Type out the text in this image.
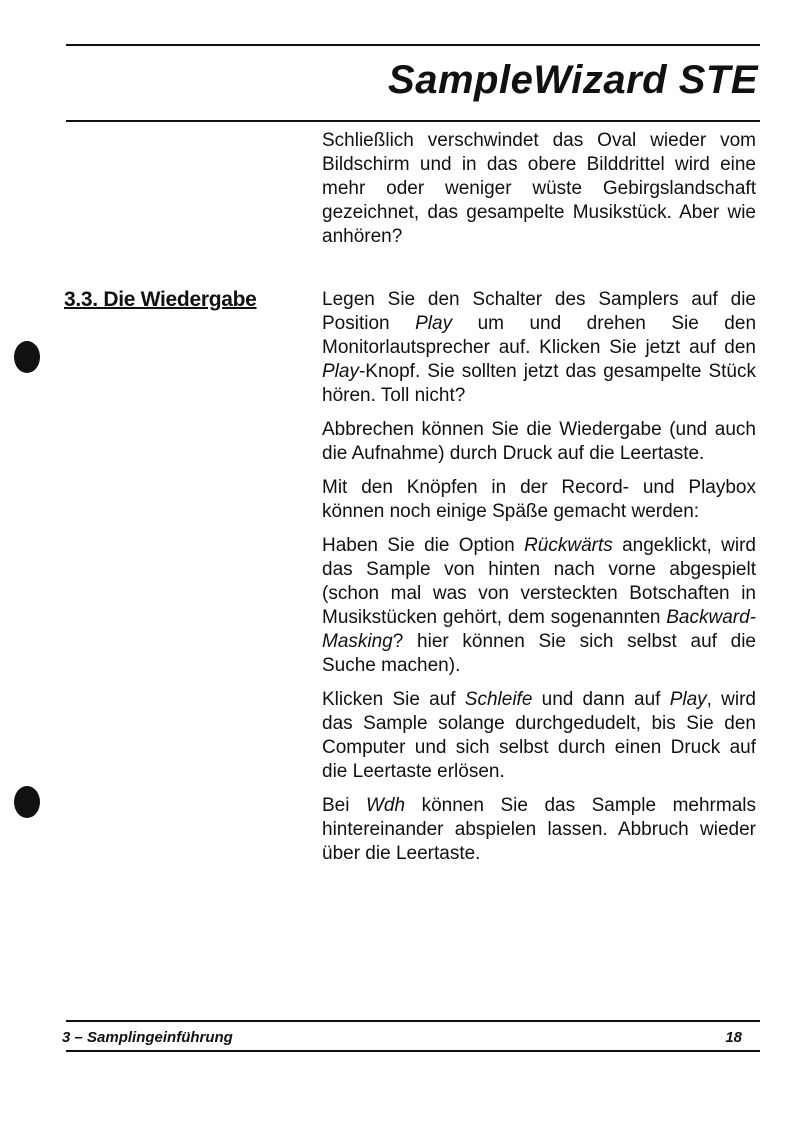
SampleWizard STE

Schließlich verschwindet das Oval wieder vom Bildschirm und in das obere Bilddrittel wird eine mehr oder weniger wüste Gebirgslandschaft gezeichnet, das gesampelte Musikstück. Aber wie anhören?

3.3. Die Wiedergabe	Legen Sie den Schalter des Samplers auf die Position Play um und drehen Sie den Monitorlautsprecher auf. Klicken Sie jetzt auf den Play-Knopf. Sie sollten jetzt das gesampelte Stück hören. Toll nicht?

Abbrechen können Sie die Wiedergabe (und auch die Aufnahme) durch Druck auf die Leertaste.

Mit den Knöpfen in der Record- und Playbox können noch einige Späße gemacht werden:

Haben Sie die Option Rückwärts angeklickt, wird das Sample von hinten nach vorne abgespielt (schon mal was von versteckten Botschaften in Musikstücken gehört, dem sogenannten Backward-Masking? hier können Sie sich selbst auf die Suche machen).

Klicken Sie auf Schleife und dann auf Play, wird das Sample solange durchgedudelt, bis Sie den Computer und sich selbst durch einen Druck auf die Leertaste erlösen.

Bei Wdh können Sie das Sample mehrmals hintereinander abspielen lassen. Abbruch wieder über die Leertaste.

3 – Samplingeinführung	18
